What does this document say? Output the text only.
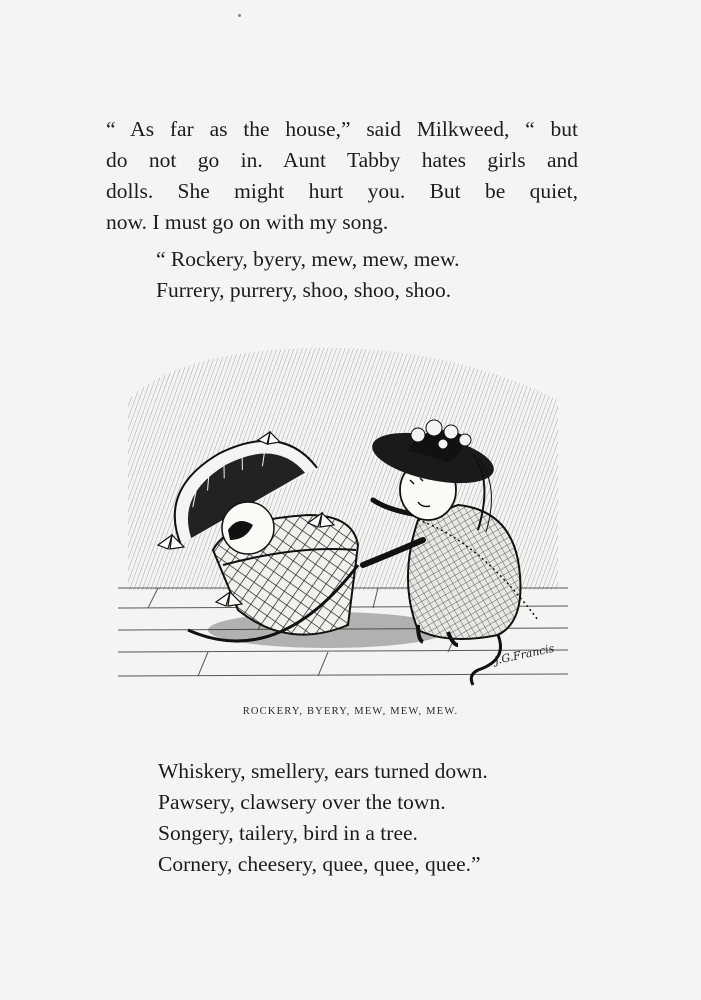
“ As far as the house,” said Milkweed, “ but
do not go in. Aunt Tabby hates girls and
dolls. She might hurt you. But be quiet,
now. I must go on with my song.
“ Rockery, byery, mew, mew, mew.
Furrery, purrery, shoo, shoo, shoo.
J.G.Francis
ROCKERY, BYERY, MEW, MEW, MEW.
Whiskery, smellery, ears turned down.
Pawsery, clawsery over the town.
Songery, tailery, bird in a tree.
Cornery, cheesery, quee, quee, quee.”
